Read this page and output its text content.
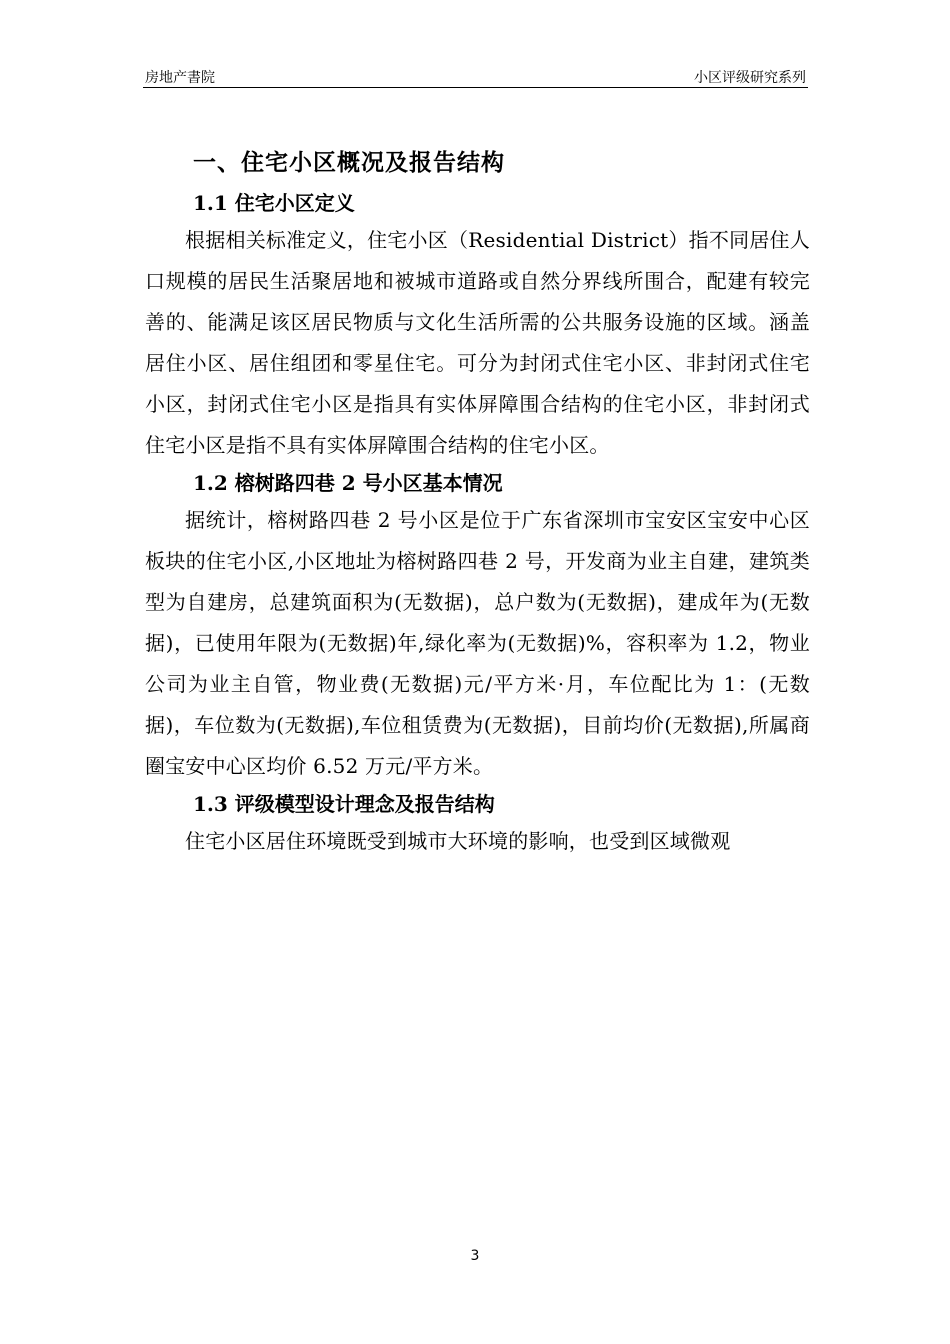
房地产書院	小区评级研究系列
一、住宅小区概况及报告结构
1.1 住宅小区定义

根据相关标准定义，住宅小区（Residential District）指不同居住人口规模的居民生活聚居地和被城市道路或自然分界线所围合，配建有较完善的、能满足该区居民物质与文化生活所需的公共服务设施的区域。涵盖居住小区、居住组团和零星住宅。可分为封闭式住宅小区、非封闭式住宅小区，封闭式住宅小区是指具有实体屏障围合结构的住宅小区，非封闭式住宅小区是指不具有实体屏障围合结构的住宅小区。

1.2 榕树路四巷 2 号小区基本情况

据统计，榕树路四巷 2 号小区是位于广东省深圳市宝安区宝安中心区板块的住宅小区,小区地址为榕树路四巷 2 号，开发商为业主自建，建筑类型为自建房，总建筑面积为(无数据)，总户数为(无数据)，建成年为(无数据)，已使用年限为(无数据)年,绿化率为(无数据)%，容积率为 1.2，物业公司为业主自管，物业费(无数据)元/平方米·月，车位配比为 1：(无数据)，车位数为(无数据),车位租赁费为(无数据)，目前均价(无数据),所属商圈宝安中心区均价 6.52 万元/平方米。

1.3 评级模型设计理念及报告结构

住宅小区居住环境既受到城市大环境的影响，也受到区域微观

3
